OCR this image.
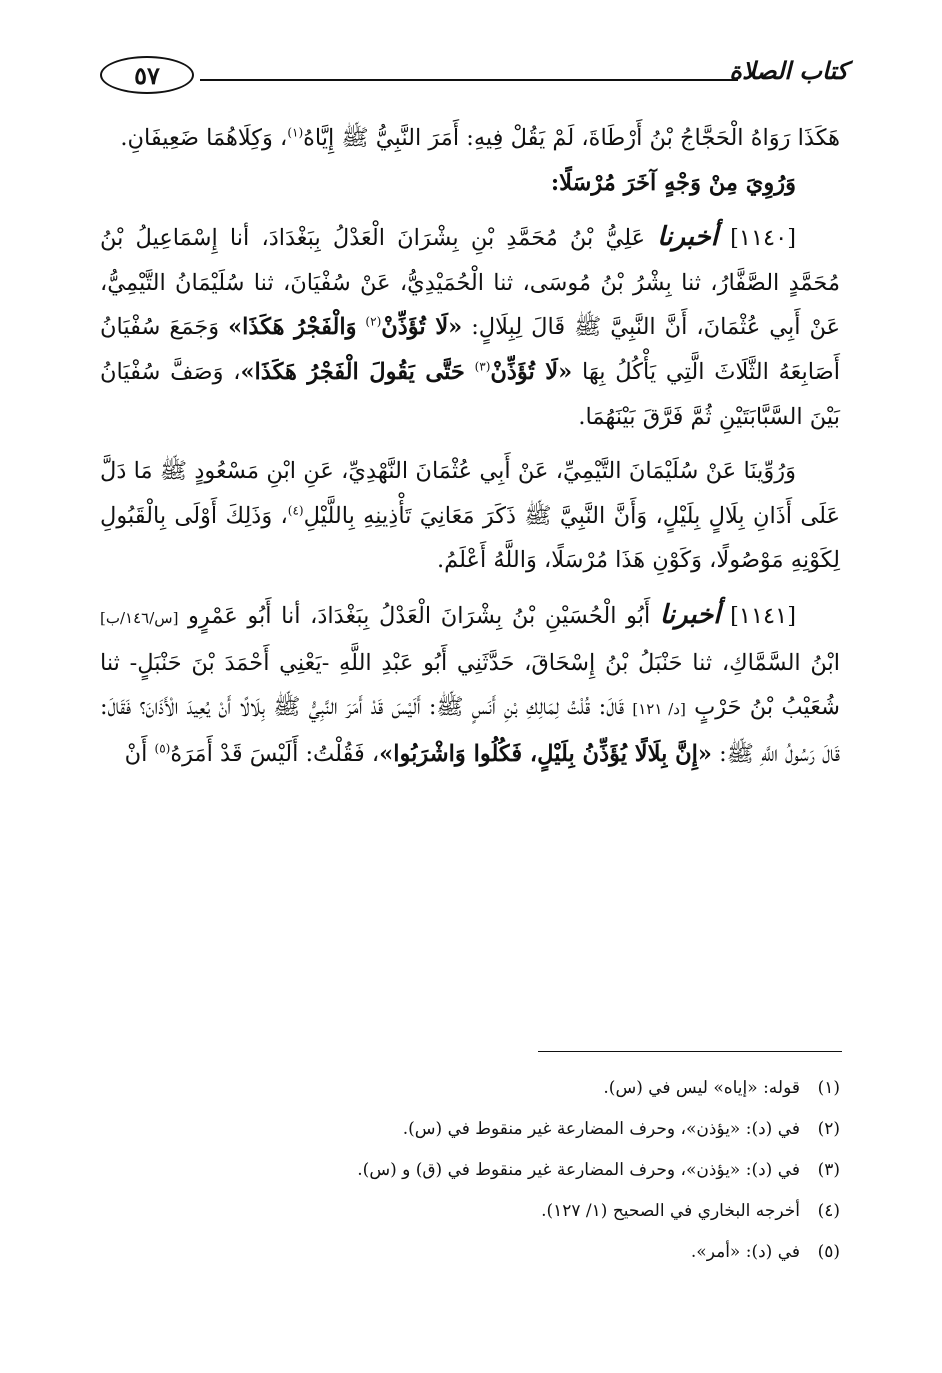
٥٧	كتاب الصلاة

هَكَذَا رَوَاهُ الْحَجَّاجُ بْنُ أَرْطَاةَ، لَمْ يَقُلْ فِيهِ: أَمَرَ النَّبِيُّ ﷺ إِيَّاهُ$^{(١)}$، وَكِلَاهُمَا ضَعِيفَانِ.

وَرُوِيَ مِنْ وَجْهٍ آخَرَ مُرْسَلًا:

[١١٤٠] أخبرنا عَلِيُّ بْنُ مُحَمَّدِ بْنِ بِشْرَانَ الْعَدْلُ بِبَغْدَادَ، أنا إِسْمَاعِيلُ بْنُ مُحَمَّدٍ الصَّفَّارُ، ثنا بِشْرُ بْنُ مُوسَى، ثنا الْحُمَيْدِيُّ، عَنْ سُفْيَانَ، ثنا سُلَيْمَانُ التَّيْمِيُّ، عَنْ أَبِي عُثْمَانَ، أَنَّ النَّبِيَّ ﷺ قَالَ لِبِلَالٍ: «لَا تُؤَذِّنْ$^{(٢)}$ وَالْفَجْرُ هَكَذَا» وَجَمَعَ سُفْيَانُ أَصَابِعَهُ الثَّلَاثَ الَّتِي يَأْكُلُ بِهَا «لَا تُؤَذِّنْ$^{(٣)}$ حَتَّى يَقُولَ الْفَجْرُ هَكَذَا»، وَصَفَّ سُفْيَانُ بَيْنَ السَّبَّابَتَيْنِ ثُمَّ فَرَّقَ بَيْنَهُمَا.

وَرُوِّينَا عَنْ سُلَيْمَانَ التَّيْمِيِّ، عَنْ أَبِي عُثْمَانَ النَّهْدِيِّ، عَنِ ابْنِ مَسْعُودٍ ﷺ مَا دَلَّ عَلَى أَذَانِ بِلَالٍ بِلَيْلٍ، وَأَنَّ النَّبِيَّ ﷺ ذَكَرَ مَعَانِيَ تَأْذِينِهِ بِاللَّيْلِ$^{(٤)}$، وَذَلِكَ أَوْلَى بِالْقَبُولِ لِكَوْنِهِ مَوْصُولًا، وَكَوْنِ هَذَا مُرْسَلًا، وَاللَّهُ أَعْلَمُ.

[١١٤١] أخبرنا أَبُو الْحُسَيْنِ بْنُ بِشْرَانَ الْعَدْلُ بِبَغْدَادَ، أنا أَبُو عَمْرٍو [س/١٤٦/ب] ابْنُ السَّمَّاكِ، ثنا حَنْبَلُ بْنُ إِسْحَاقَ، حَدَّثَنِي أَبُو عَبْدِ اللَّهِ -يَعْنِي أَحْمَدَ بْنَ حَنْبَلٍ- ثنا شُعَيْبُ بْنُ حَرْبٍ [د/ ١٢١] قَالَ: قُلْتُ لِمَالِكِ بْنِ أَنَسٍ ﷺ: أَلَيْسَ قَدْ أَمَرَ النَّبِيُّ ﷺ بِلَالًا أَنْ يُعِيدَ الْأَذَانَ؟ فَقَالَ: قَالَ رَسُولُ اللَّهِ ﷺ: «إِنَّ بِلَالًا يُؤَذِّنُ بِلَيْلٍ، فَكُلُوا وَاشْرَبُوا»، فَقُلْتُ: أَلَيْسَ قَدْ أَمَرَهُ$^{(٥)}$ أَنْ

(١)
قوله: «إياه» ليس في (س).
(٢)
في (د): «يؤذن»، وحرف المضارعة غير منقوط في (س).
(٣)
في (د): «يؤذن»، وحرف المضارعة غير منقوط في (ق) و (س).
(٤)
أخرجه البخاري في الصحيح (١/ ١٢٧).
(٥)
في (د): «أمر».
